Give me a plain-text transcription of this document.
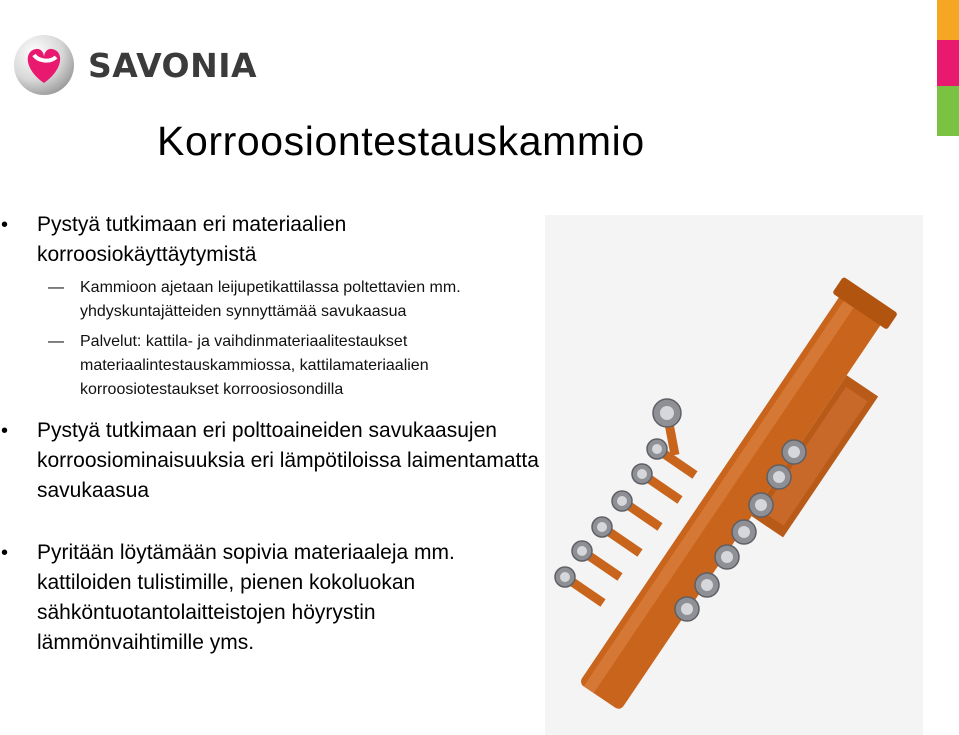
SAVONIA
Korroosiontestauskammio
• Pystyä tutkimaan eri materiaalien korroosiokäyttäytymistä
— Kammioon ajetaan leijupetikattilassa poltettavien mm. yhdyskuntajätteiden synnyttämää savukaasua
— Palvelut: kattila- ja vaihdinmateriaalitestaukset materiaalintestauskammiossa, kattilamateriaalien korroosiotestaukset korroosiosondilla
• Pystyä tutkimaan eri polttoaineiden savukaasujen korroosiominaisuuksia eri lämpötiloissa laimentamatta savukaasua
• Pyritään löytämään sopivia materiaaleja mm. kattiloiden tulistimille, pienen kokoluokan sähköntuotantolaitteistojen höyrystin lämmönvaihtimille yms.
